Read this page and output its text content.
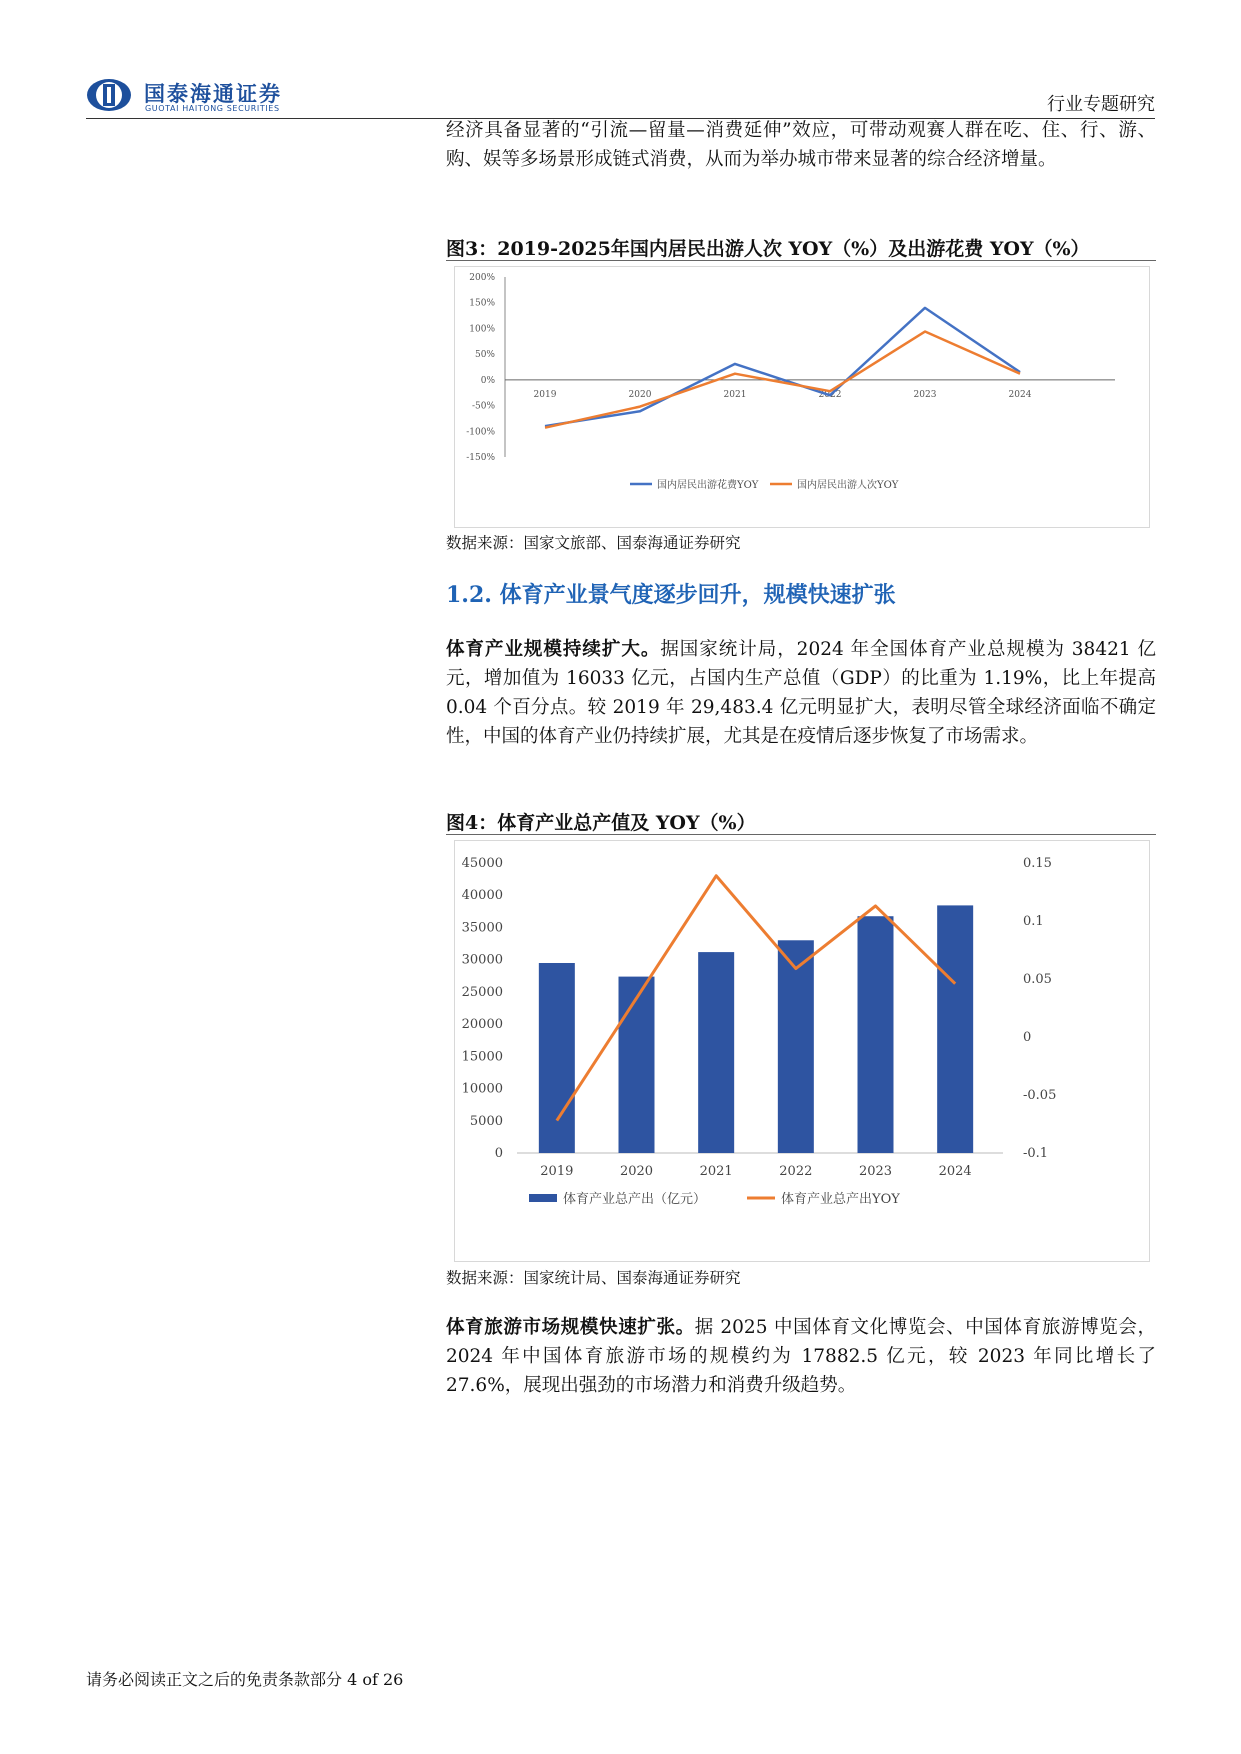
国泰海通证券
GUOTAI HAITONG SECURITIES	行业专题研究
经济具备显著的“引流—留量—消费延伸”效应，可带动观赛人群在吃、住、行、游、购、娱等多场景形成链式消费，从而为举办城市带来显著的综合经济增量。
图3：2019-2025年国内居民出游人次 YOY（%）及出游花费 YOY（%）
200%
150%
100%
50%
0%
-50%
-100%
-150%
2019	2020	2021	2022	2023	2024
国内居民出游花费YOY	国内居民出游人次YOY
数据来源：国家文旅部、国泰海通证券研究
1.2. 体育产业景气度逐步回升，规模快速扩张
体育产业规模持续扩大。据国家统计局，2024 年全国体育产业总规模为 38421 亿元，增加值为 16033 亿元，占国内生产总值（GDP）的比重为 1.19%，比上年提高 0.04 个百分点。较 2019 年 29,483.4 亿元明显扩大，表明尽管全球经济面临不确定性，中国的体育产业仍持续扩展，尤其是在疫情后逐步恢复了市场需求。
图4：体育产业总产值及 YOY（%）
45000
40000
35000
30000
25000
20000
15000
10000
5000
0
0.15
0.1
0.05
0
-0.05
-0.1
2019	2020	2021	2022	2023	2024
体育产业总产出（亿元）	体育产业总产出YOY
数据来源：国家统计局、国泰海通证券研究
体育旅游市场规模快速扩张。据 2025 中国体育文化博览会、中国体育旅游博览会，2024 年中国体育旅游市场的规模约为 17882.5 亿元，较 2023 年同比增长了 27.6%，展现出强劲的市场潜力和消费升级趋势。
请务必阅读正文之后的免责条款部分 4 of 26
